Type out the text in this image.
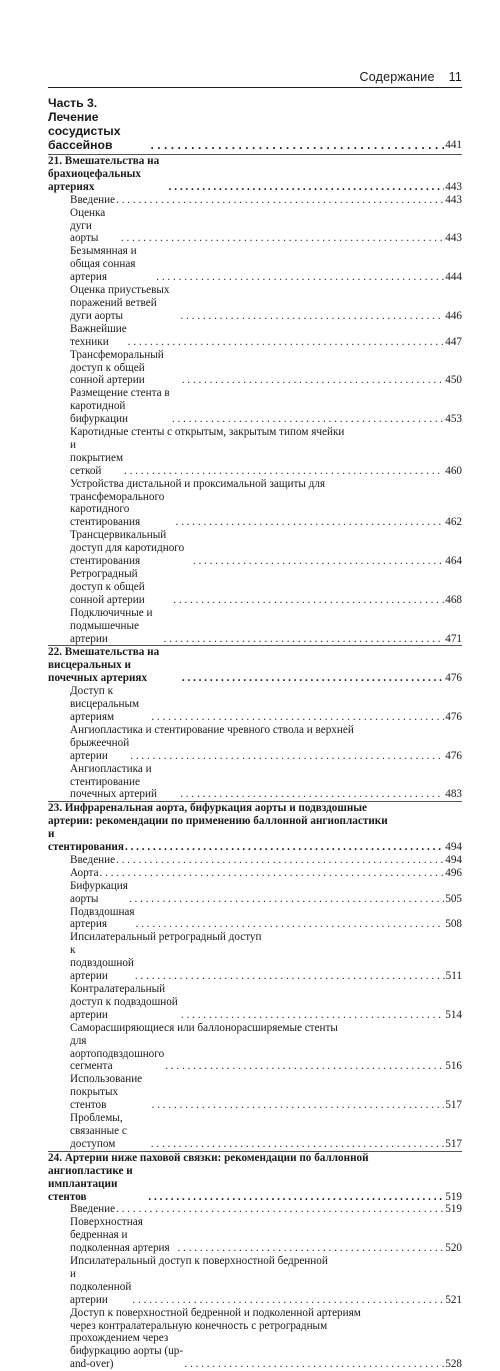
Содержание 11
Часть 3. Лечение сосудистых бассейнов . . .	441
21. Вмешательства на брахиоцефальных артериях . . .	443
Введение . . .	443
Оценка дуги аорты . . .	443
Безымянная и общая сонная артерия . . .	444
Оценка приустьевых поражений ветвей дуги аорты . . .	446
Важнейшие техники . . .	447
Трансфеморальный доступ к общей сонной артерии . . .	450
Размещение стента в каротидной бифуркации . . .	453
Каротидные стенты с открытым, закрытым типом ячейки
и покрытием сеткой . . .	460
Устройства дистальной и проксимальной защиты для
трансфеморального каротидного стентирования . . .	462
Трансцервикальный доступ для каротидного стентирования . . .	464
Ретроградный доступ к общей сонной артерии . . .	468
Подключичные и подмышечные артерии . . .	471
22. Вмешательства на висцеральных и почечных артериях . . .	476
Доступ к висцеральным артериям . . .	476
Ангиопластика и стентирование чревного ствола и верхней
брыжеечной артерии . . .	476
Ангиопластика и стентирование почечных артерий . . .	483
23. Инфраренальная аорта, бифуркация аорты и подвздошные
артерии: рекомендации по применению баллонной ангиопластики
и стентирования . . .	494
Введение . . .	494
Аорта . . .	496
Бифуркация аорты . . .	505
Подвздошная артерия . . .	508
Ипсилатеральный ретроградный доступ
к подвздошной артерии . . .	511
Контралатеральный доступ к подвздошной артерии . . .	514
Саморасширяющиеся или баллонорасширяемые стенты
для аортоподвздошного сегмента . . .	516
Использование покрытых стентов . . .	517
Проблемы, связанные с доступом . . .	517
24. Артерии ниже паховой связки: рекомендации по баллонной
ангиопластике и имплантации стентов . . .	519
Введение . . .	519
Поверхностная бедренная и подколенная артерия . . .	520
Ипсилатеральный доступ к поверхностной бедренной
и подколенной артерии . . .	521
Доступ к поверхностной бедренной и подколенной артериям
через контралатеральную конечность с ретроградным
прохождением через бифуркацию аорты (up-and-over) . . .	528
